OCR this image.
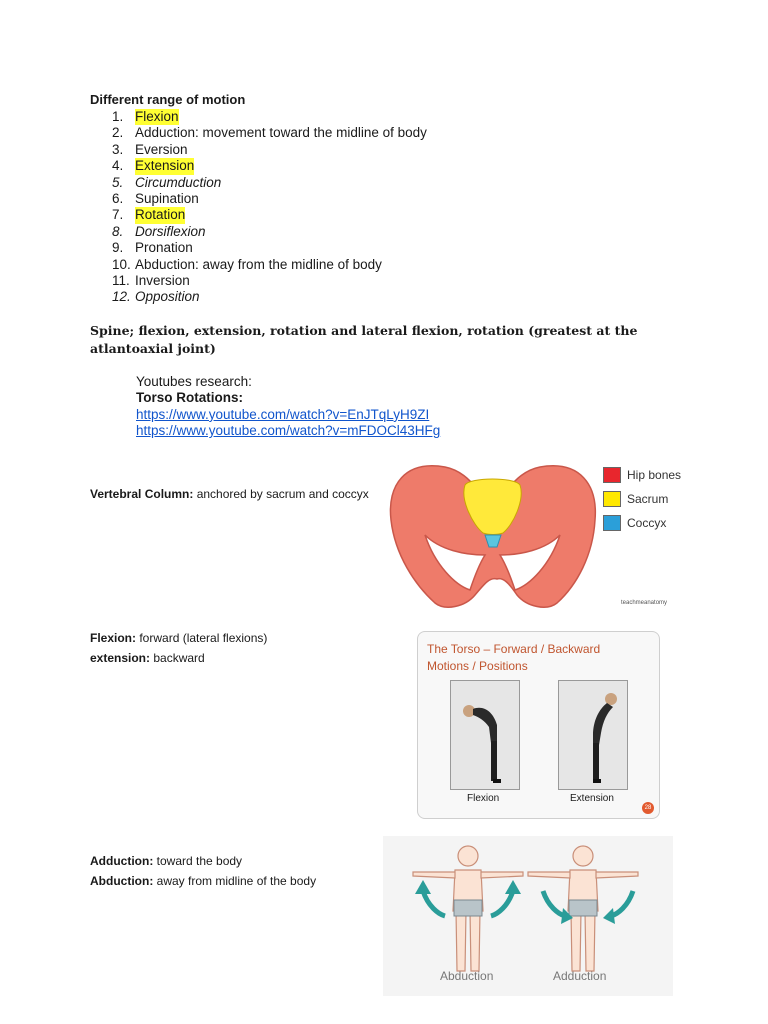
Different range of motion
1. Flexion
2. Adduction: movement toward the midline of body
3. Eversion
4. Extension
5. Circumduction
6. Supination
7. Rotation
8. Dorsiflexion
9. Pronation
10. Abduction: away from the midline of body
11. Inversion
12. Opposition
Spine; flexion, extension, rotation and lateral flexion, rotation (greatest at the atlantoaxial joint)
Youtubes research:
Torso Rotations:
https://www.youtube.com/watch?v=EnJTqLyH9ZI
https://www.youtube.com/watch?v=mFDOCl43HFg
Vertebral Column: anchored by sacrum and coccyx
Hip bones
Sacrum
Coccyx
teachmeanatomy
Flexion: forward (lateral flexions)
extension: backward
The Torso – Forward / Backward
Motions / Positions
Flexion	Extension
28
Adduction: toward the body
Abduction: away from midline of the body
Abduction	Adduction
